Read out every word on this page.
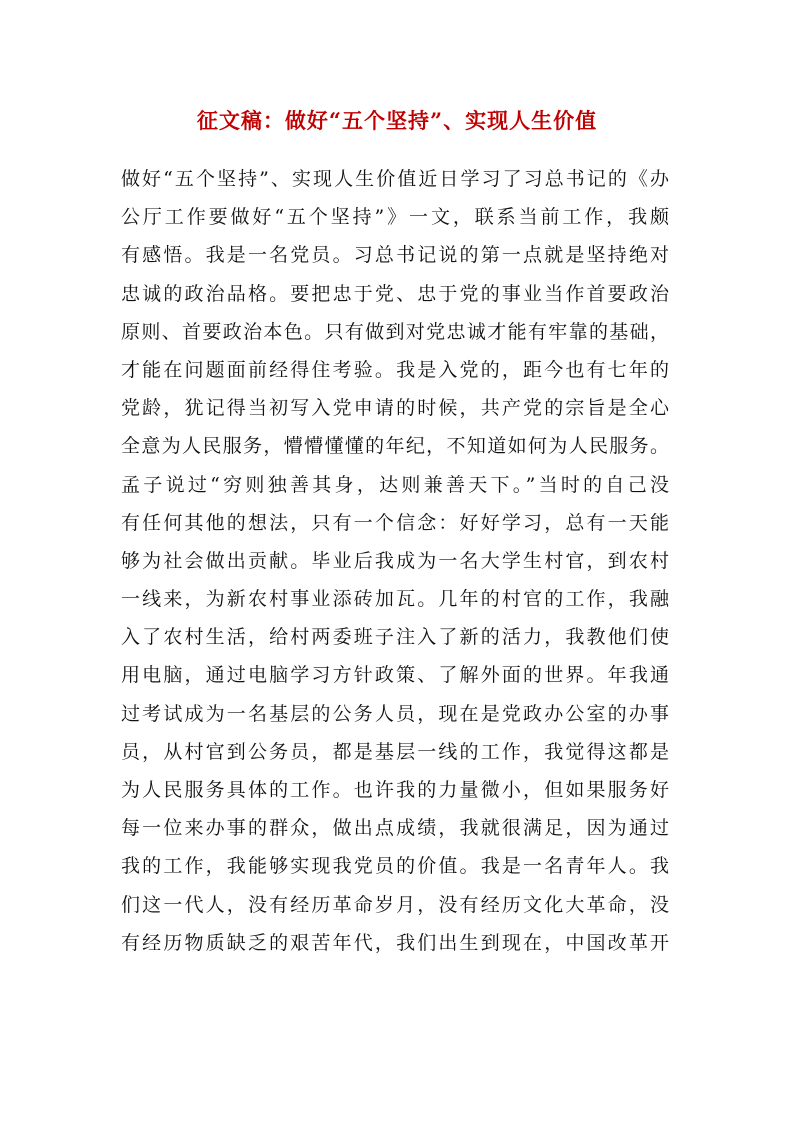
征文稿：做好“五个坚持”、实现人生价值
做好“五个坚持”、实现人生价值近日学习了习总书记的《办
公厅工作要做好“五个坚持”》一文，联系当前工作，我颇
有感悟。我是一名党员。习总书记说的第一点就是坚持绝对
忠诚的政治品格。要把忠于党、忠于党的事业当作首要政治
原则、首要政治本色。只有做到对党忠诚才能有牢靠的基础，
才能在问题面前经得住考验。我是入党的，距今也有七年的
党龄，犹记得当初写入党申请的时候，共产党的宗旨是全心
全意为人民服务，懵懵懂懂的年纪，不知道如何为人民服务。
孟子说过“穷则独善其身，达则兼善天下。”当时的自己没
有任何其他的想法，只有一个信念：好好学习，总有一天能
够为社会做出贡献。毕业后我成为一名大学生村官，到农村
一线来，为新农村事业添砖加瓦。几年的村官的工作，我融
入了农村生活，给村两委班子注入了新的活力，我教他们使
用电脑，通过电脑学习方针政策、了解外面的世界。年我通
过考试成为一名基层的公务人员，现在是党政办公室的办事
员，从村官到公务员，都是基层一线的工作，我觉得这都是
为人民服务具体的工作。也许我的力量微小，但如果服务好
每一位来办事的群众，做出点成绩，我就很满足，因为通过
我的工作，我能够实现我党员的价值。我是一名青年人。我
们这一代人，没有经历革命岁月，没有经历文化大革命，没
有经历物质缺乏的艰苦年代，我们出生到现在，中国改革开
